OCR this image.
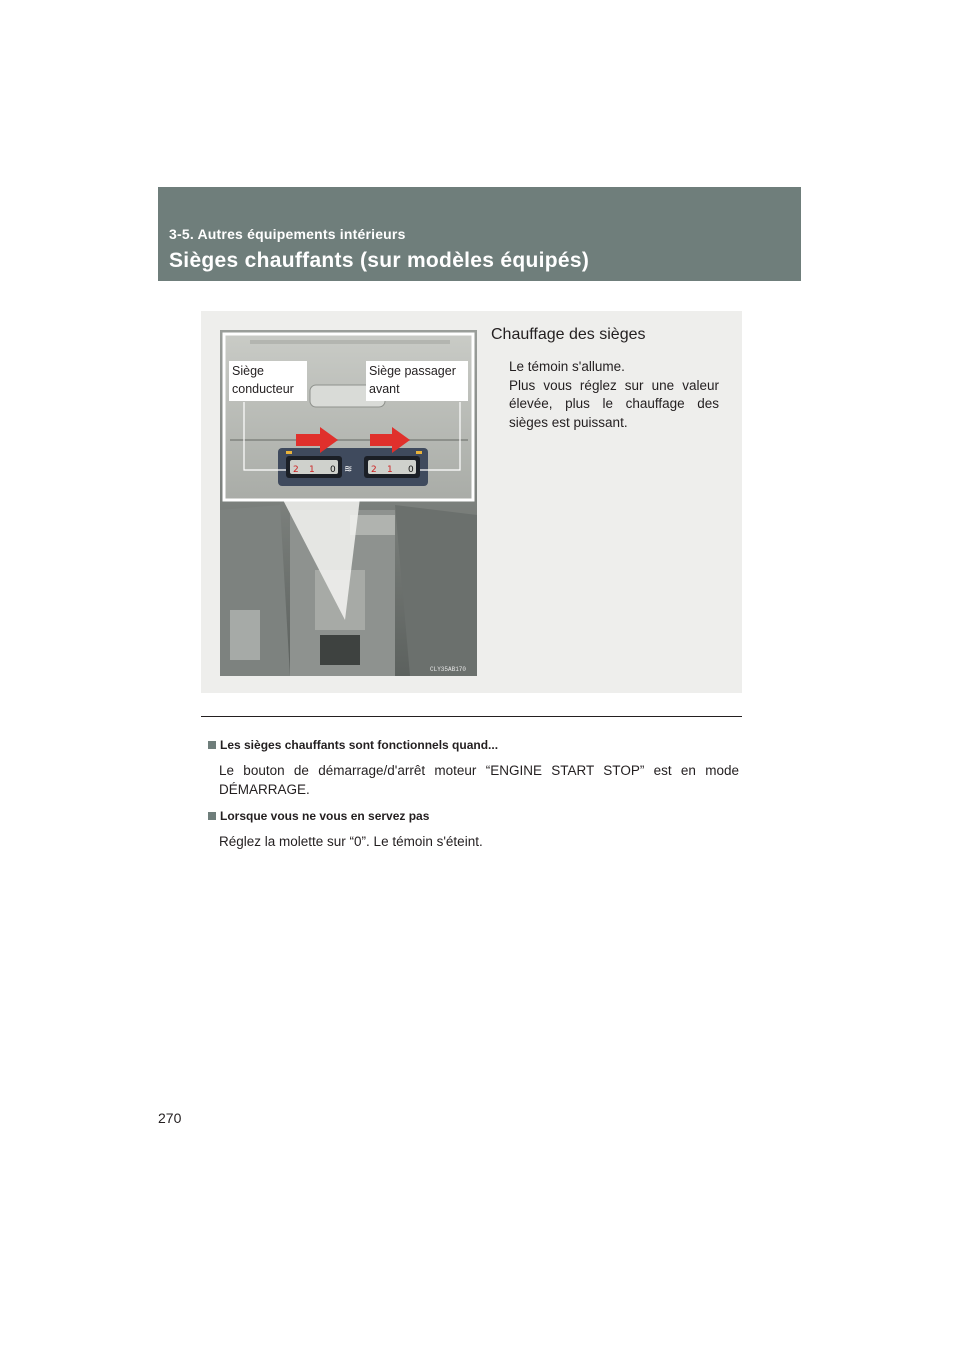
3-5. Autres équipements intérieurs
Sièges chauffants (sur modèles équipés)
≋
2 1 0	2 1 0
CLY35AB170
Siège
conducteur
Siège passager
avant
Chauffage des sièges

Le témoin s'allume.

Plus vous réglez sur une valeur élevée, plus le chauffage des sièges est puissant.

Les sièges chauffants sont fonctionnels quand...
Le bouton de démarrage/d'arrêt moteur “ENGINE START STOP” est en mode DÉMARRAGE.
Lorsque vous ne vous en servez pas
Réglez la molette sur “0”. Le témoin s'éteint.
270
